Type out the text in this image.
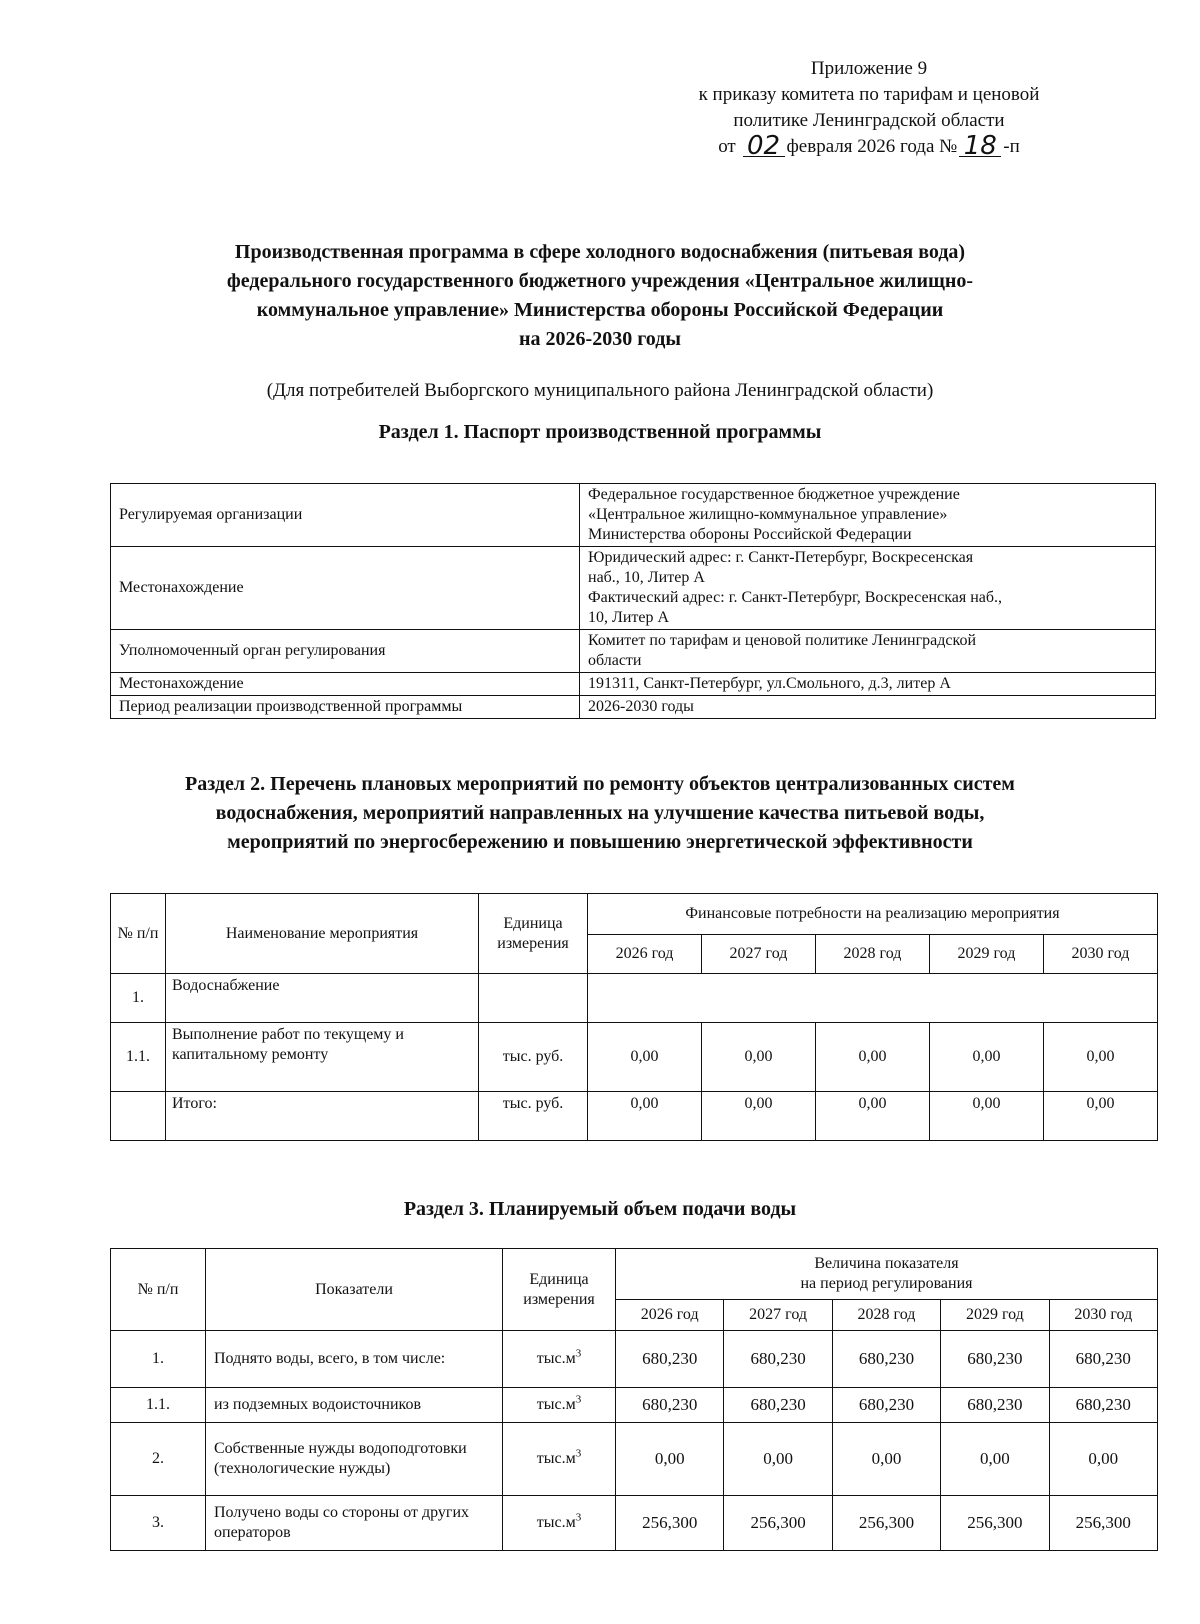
Приложение 9
к приказу комитета по тарифам и ценовой
политике Ленинградской области
от 02 февраля 2026 года № 18 -п
Производственная программа в сфере холодного водоснабжения (питьевая вода)
федерального государственного бюджетного учреждения «Центральное жилищно-
коммунальное управление» Министерства обороны Российской Федерации
на 2026-2030 годы
(Для потребителей Выборгского муниципального района Ленинградской области)
Раздел 1. Паспорт производственной программы
Регулируемая организации	Федеральное государственное бюджетное учреждение
«Центральное жилищно-коммунальное управление»
Министерства обороны Российской Федерации

Местонахождение	Юридический адрес: г. Санкт-Петербург, Воскресенская
наб., 10, Литер А
Фактический адрес: г. Санкт-Петербург, Воскресенская наб.,
10, Литер А

Уполномоченный орган регулирования	Комитет по тарифам и ценовой политике Ленинградской
области

Местонахождение	191311, Санкт-Петербург, ул.Смольного, д.3, литер А

Период реализации производственной программы	2026-2030 годы
Раздел 2. Перечень плановых мероприятий по ремонту объектов централизованных систем
водоснабжения, мероприятий направленных на улучшение качества питьевой воды,
мероприятий по энергосбережению и повышению энергетической эффективности
№ п/п	Наименование мероприятия	Единица измерения	Финансовые потребности на реализацию мероприятия				
			2026 год	2027 год	2028 год	2029 год	2030 год
1.	Водоснабжение						
1.1.	Выполнение работ по текущему и капитальному ремонту	тыс. руб.	0,00	0,00	0,00	0,00	0,00
	Итого:	тыс. руб.	0,00	0,00	0,00	0,00	0,00
Раздел 3. Планируемый объем подачи воды
№ п/п	Показатели	Единица измерения	Величина показателя
на период регулирования				

			2026 год	2027 год	2028 год	2029 год	2030 год
1.	Поднято воды, всего, в том числе:	$тыс.м^3$	680,230	680,230	680,230	680,230	680,230
1.1.	из подземных водоисточников	$тыс.м^3$	680,230	680,230	680,230	680,230	680,230
2.	Собственные нужды водоподготовки (технологические нужды)	$тыс.м^3$	0,00	0,00	0,00	0,00	0,00
3.	Получено воды со стороны от других операторов	$тыс.м^3$	256,300	256,300	256,300	256,300	256,300
